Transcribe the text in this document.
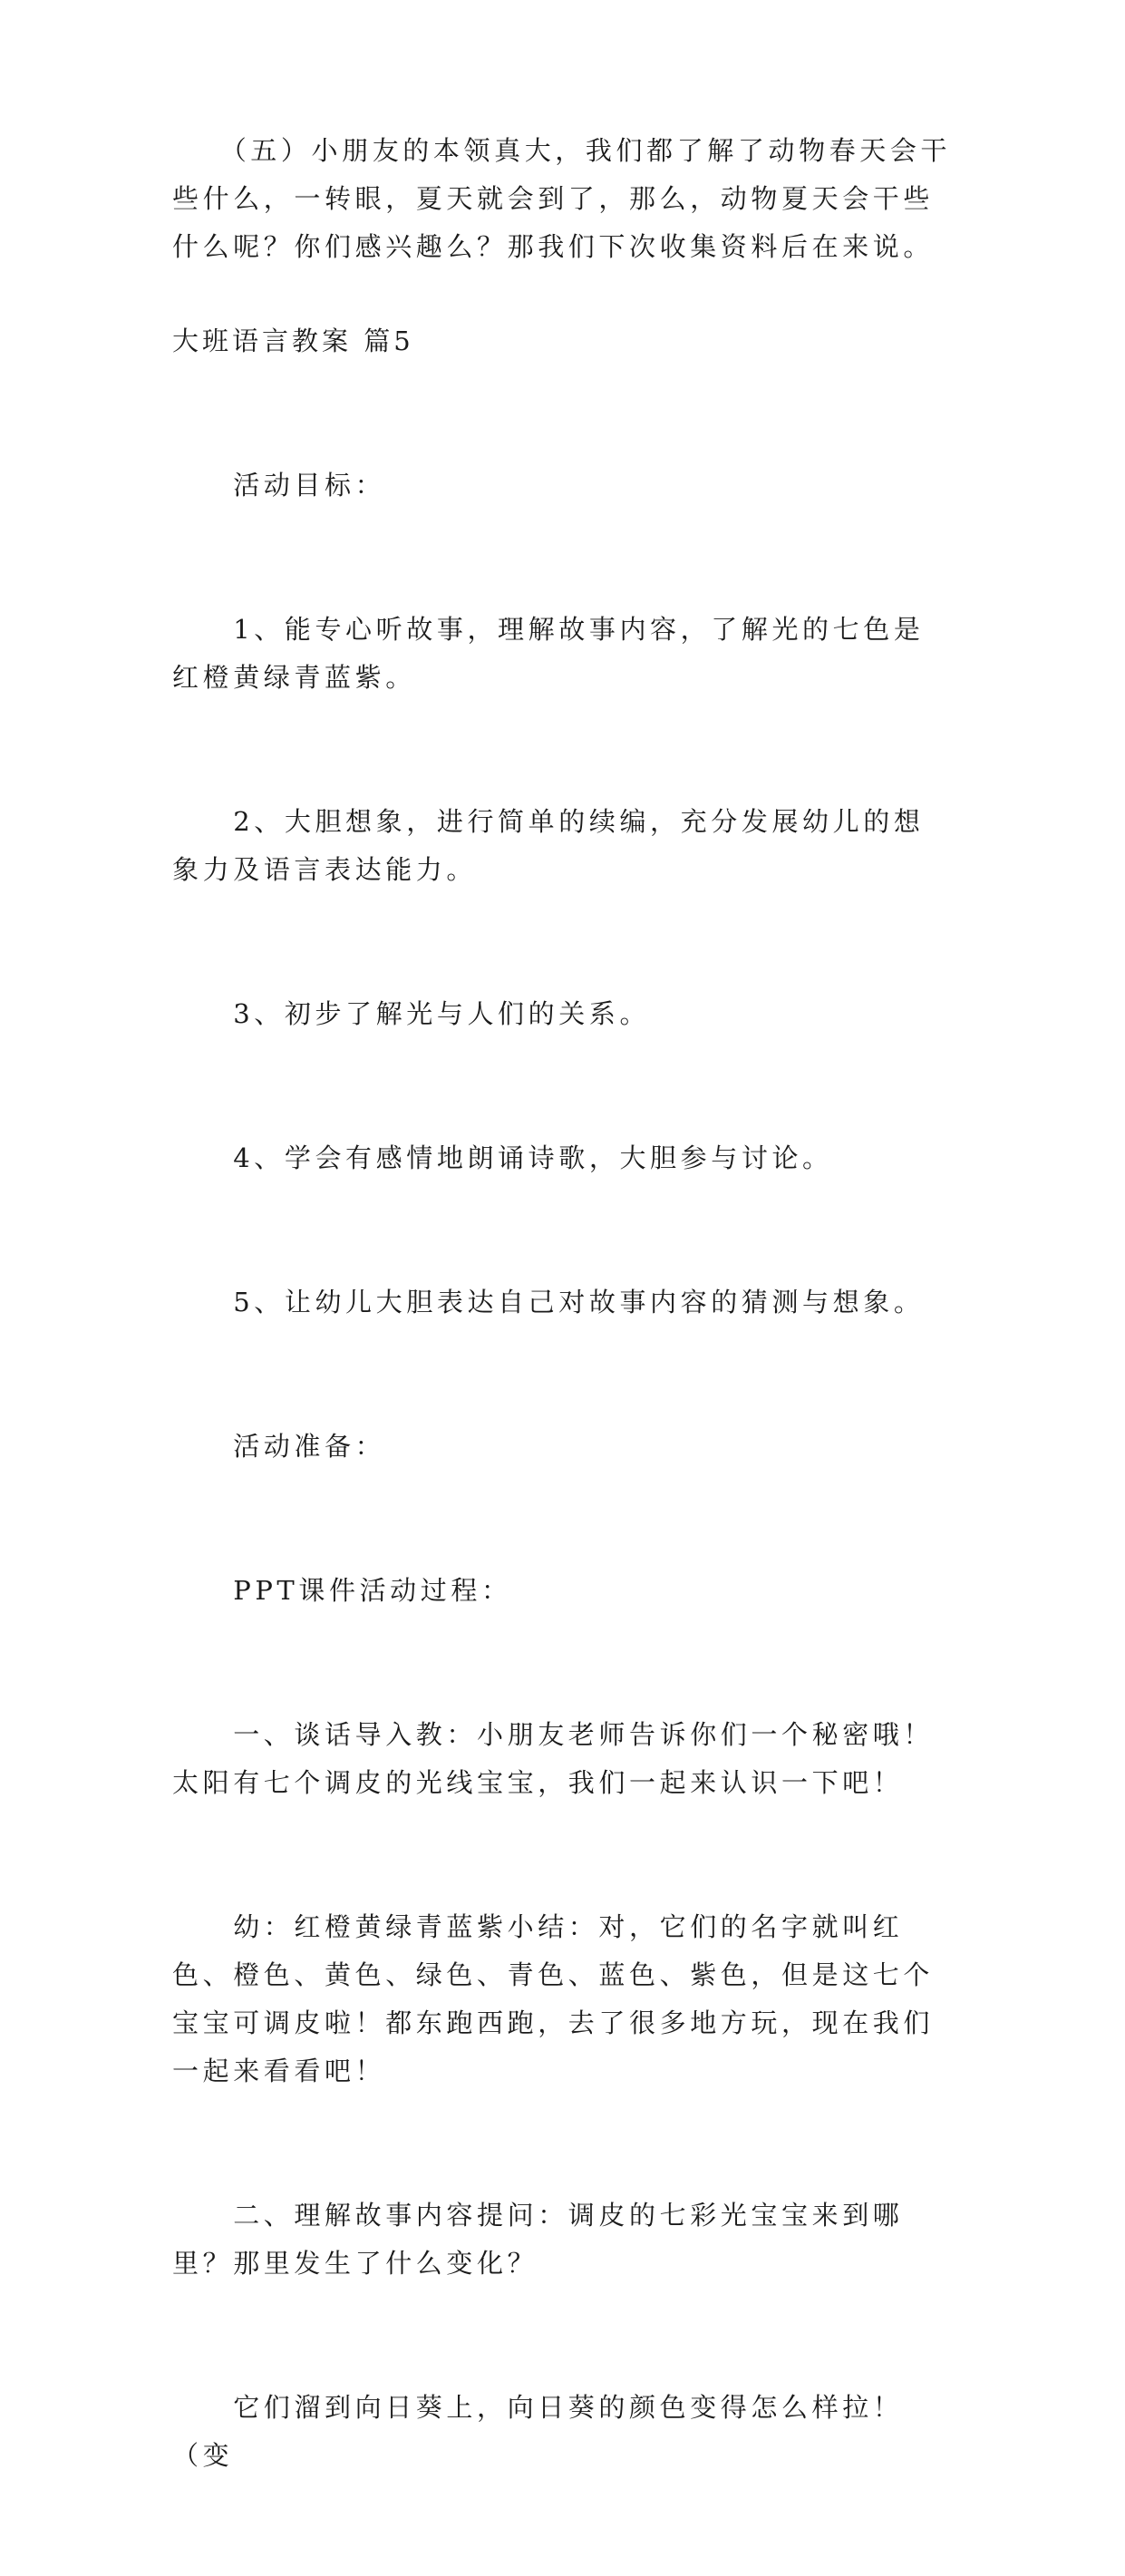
　　（五）小朋友的本领真大，我们都了解了动物春天会干些什么，一转眼，夏天就会到了，那么，动物夏天会干些什么呢？你们感兴趣么？那我们下次收集资料后在来说。
大班语言教案 篇5

　　活动目标：

　　1、能专心听故事，理解故事内容，了解光的七色是红橙黄绿青蓝紫。

　　2、大胆想象，进行简单的续编，充分发展幼儿的想象力及语言表达能力。

　　3、初步了解光与人们的关系。

　　4、学会有感情地朗诵诗歌，大胆参与讨论。

　　5、让幼儿大胆表达自己对故事内容的猜测与想象。

　　活动准备：

　　PPT课件活动过程：

　　一、谈话导入教：小朋友老师告诉你们一个秘密哦！太阳有七个调皮的光线宝宝，我们一起来认识一下吧！

　　幼：红橙黄绿青蓝紫小结：对，它们的名字就叫红色、橙色、黄色、绿色、青色、蓝色、紫色，但是这七个宝宝可调皮啦！都东跑西跑，去了很多地方玩，现在我们一起来看看吧！

　　二、理解故事内容提问：调皮的七彩光宝宝来到哪里？那里发生了什么变化？

　　它们溜到向日葵上，向日葵的颜色变得怎么样拉！（变
